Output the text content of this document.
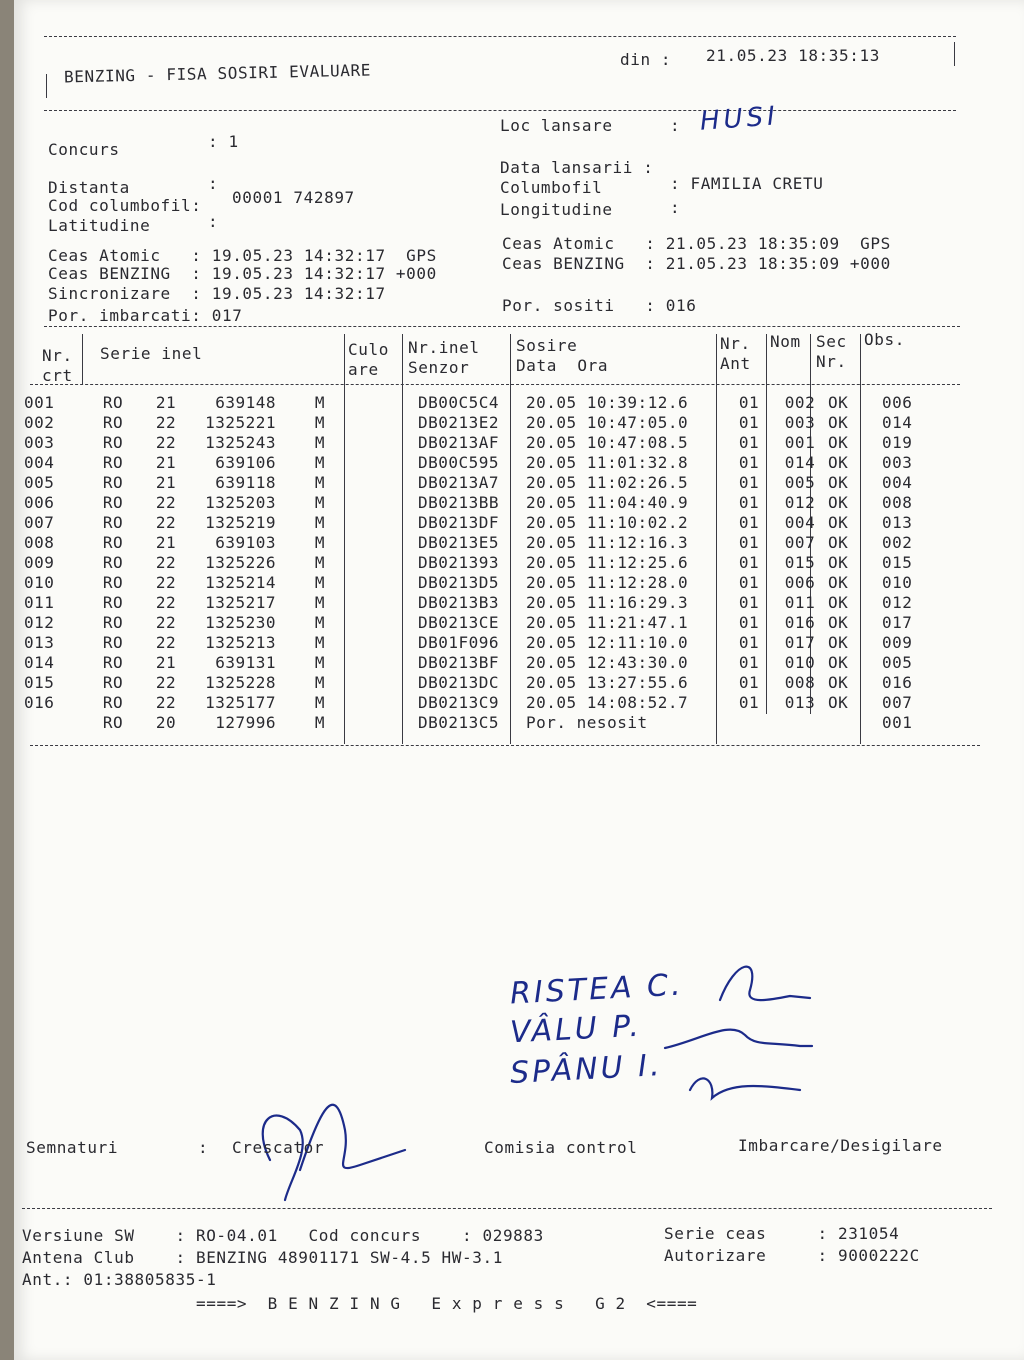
BENZING - FISA SOSIRI EVALUARE
din : 21.05.23 18:35:13
Concurs	: 1
Distanta	:
Cod columbofil: 00001 742897
Latitudine	:
Loc lansare	: HUSI
Data lansarii :
Columbofil	: FAMILIA CRETU
Longitudine	:
Ceas Atomic   : 19.05.23 14:32:17  GPS
Ceas BENZING  : 19.05.23 14:32:17 +000
Sincronizare  : 19.05.23 14:32:17
Por. imbarcati: 017
Ceas Atomic   : 21.05.23 18:35:09  GPS
Ceas BENZING  : 21.05.23 18:35:09 +000
Por. sositi   : 016
Nr.
crt
Serie inel	Culo
are
Nr.inel
Senzor
Sosire
Data  Ora
Nr.
Ant
Nom Sec
Nr.
Obs.
001	RO	21	639148	M		DB00C5C4	20.05 10:39:12.6	01	002	OK	006
002	RO	22	1325221	M		DB0213E2	20.05 10:47:05.0	01	003	OK	014
003	RO	22	1325243	M		DB0213AF	20.05 10:47:08.5	01	001	OK	019
004	RO	21	639106	M		DB00C595	20.05 11:01:32.8	01	014	OK	003
005	RO	21	639118	M		DB0213A7	20.05 11:02:26.5	01	005	OK	004
006	RO	22	1325203	M		DB0213BB	20.05 11:04:40.9	01	012	OK	008
007	RO	22	1325219	M		DB0213DF	20.05 11:10:02.2	01	004	OK	013
008	RO	21	639103	M		DB0213E5	20.05 11:12:16.3	01	007	OK	002
009	RO	22	1325226	M		DB021393	20.05 11:12:25.6	01	015	OK	015
010	RO	22	1325214	M		DB0213D5	20.05 11:12:28.0	01	006	OK	010
011	RO	22	1325217	M		DB0213B3	20.05 11:16:29.3	01	011	OK	012
012	RO	22	1325230	M		DB0213CE	20.05 11:21:47.1	01	016	OK	017
013	RO	22	1325213	M		DB01F096	20.05 12:11:10.0	01	017	OK	009
014	RO	21	639131	M		DB0213BF	20.05 12:43:30.0	01	010	OK	005
015	RO	22	1325228	M		DB0213DC	20.05 13:27:55.6	01	008	OK	016
016	RO	22	1325177	M		DB0213C9	20.05 14:08:52.7	01	013	OK	007
	RO	20	127996	M		DB0213C5	Por. nesosit				001
RISTEA C.
VÂLU P.
SPÂNU I.
Semnaturi	: Crescator	Comisia control	Imbarcare/Desigilare
Versiune SW    : RO-04.01   Cod concurs    : 029883	Serie ceas     : 231054
Antena Club    : BENZING 48901171 SW-4.5 HW-3.1	Autorizare     : 9000222C
Ant.: 01:38805835-1
====>  B E N Z I N G   E x p r e s s   G 2  <====
